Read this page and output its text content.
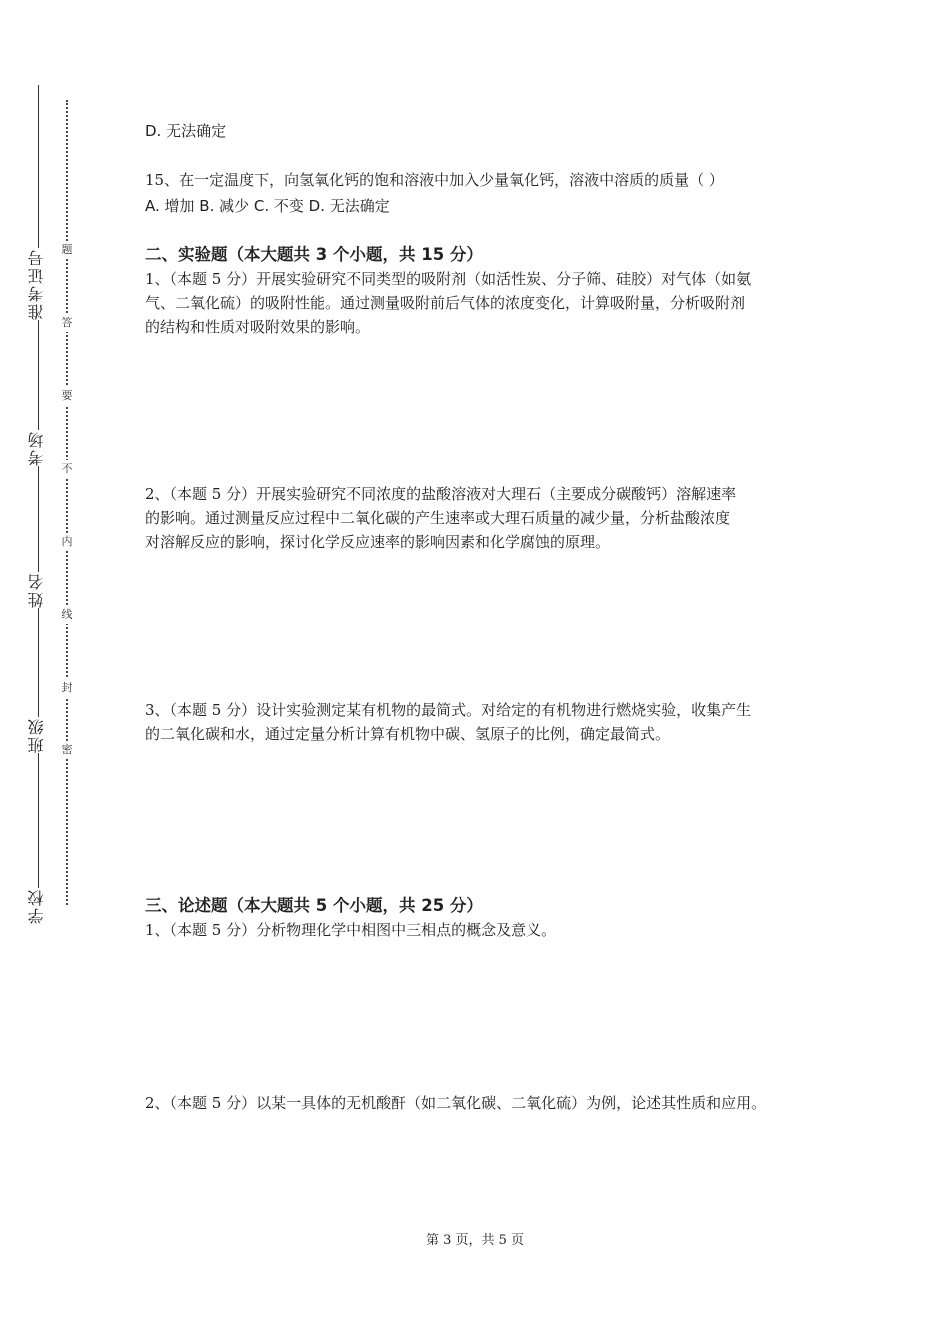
准考证号
考场
姓名
班级
学校
题
答
要
不
内
线
封
密
D. 无法确定
15、在一定温度下，向氢氧化钙的饱和溶液中加入少量氧化钙，溶液中溶质的质量（ ）
A. 增加 B. 减少 C. 不变 D. 无法确定
二、实验题（本大题共 3 个小题，共 15 分）
1、（本题 5 分）开展实验研究不同类型的吸附剂（如活性炭、分子筛、硅胶）对气体（如氨
气、二氧化硫）的吸附性能。通过测量吸附前后气体的浓度变化，计算吸附量，分析吸附剂
的结构和性质对吸附效果的影响。
2、（本题 5 分）开展实验研究不同浓度的盐酸溶液对大理石（主要成分碳酸钙）溶解速率
的影响。通过测量反应过程中二氧化碳的产生速率或大理石质量的减少量，分析盐酸浓度
对溶解反应的影响，探讨化学反应速率的影响因素和化学腐蚀的原理。
3、（本题 5 分）设计实验测定某有机物的最简式。对给定的有机物进行燃烧实验，收集产生
的二氧化碳和水，通过定量分析计算有机物中碳、氢原子的比例，确定最简式。
三、论述题（本大题共 5 个小题，共 25 分）
1、（本题 5 分）分析物理化学中相图中三相点的概念及意义。
2、（本题 5 分）以某一具体的无机酸酐（如二氧化碳、二氧化硫）为例，论述其性质和应用。
第 3 页，共 5 页
